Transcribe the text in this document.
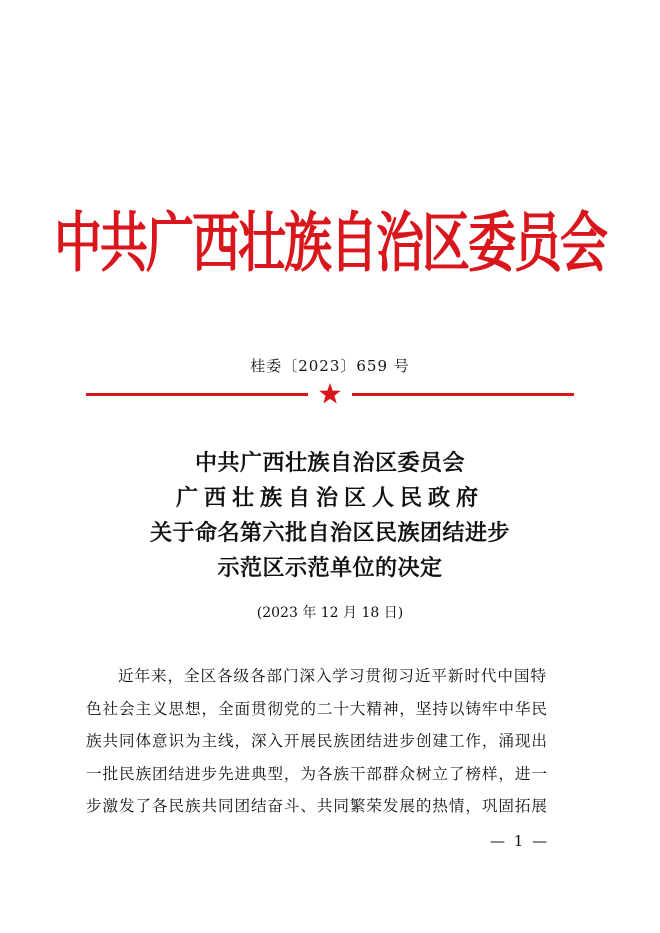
中共广西壮族自治区委员会
桂委〔2023〕659 号
中共广西壮族自治区委员会
广西壮族自治区人民政府
关于命名第六批自治区民族团结进步
示范区示范单位的决定
(2023 年 12 月 18 日)
近年来，全区各级各部门深入学习贯彻习近平新时代中国特
色社会主义思想，全面贯彻党的二十大精神，坚持以铸牢中华民
族共同体意识为主线，深入开展民族团结进步创建工作，涌现出
一批民族团结进步先进典型，为各族干部群众树立了榜样，进一
步激发了各民族共同团结奋斗、共同繁荣发展的热情，巩固拓展
— 1 —
